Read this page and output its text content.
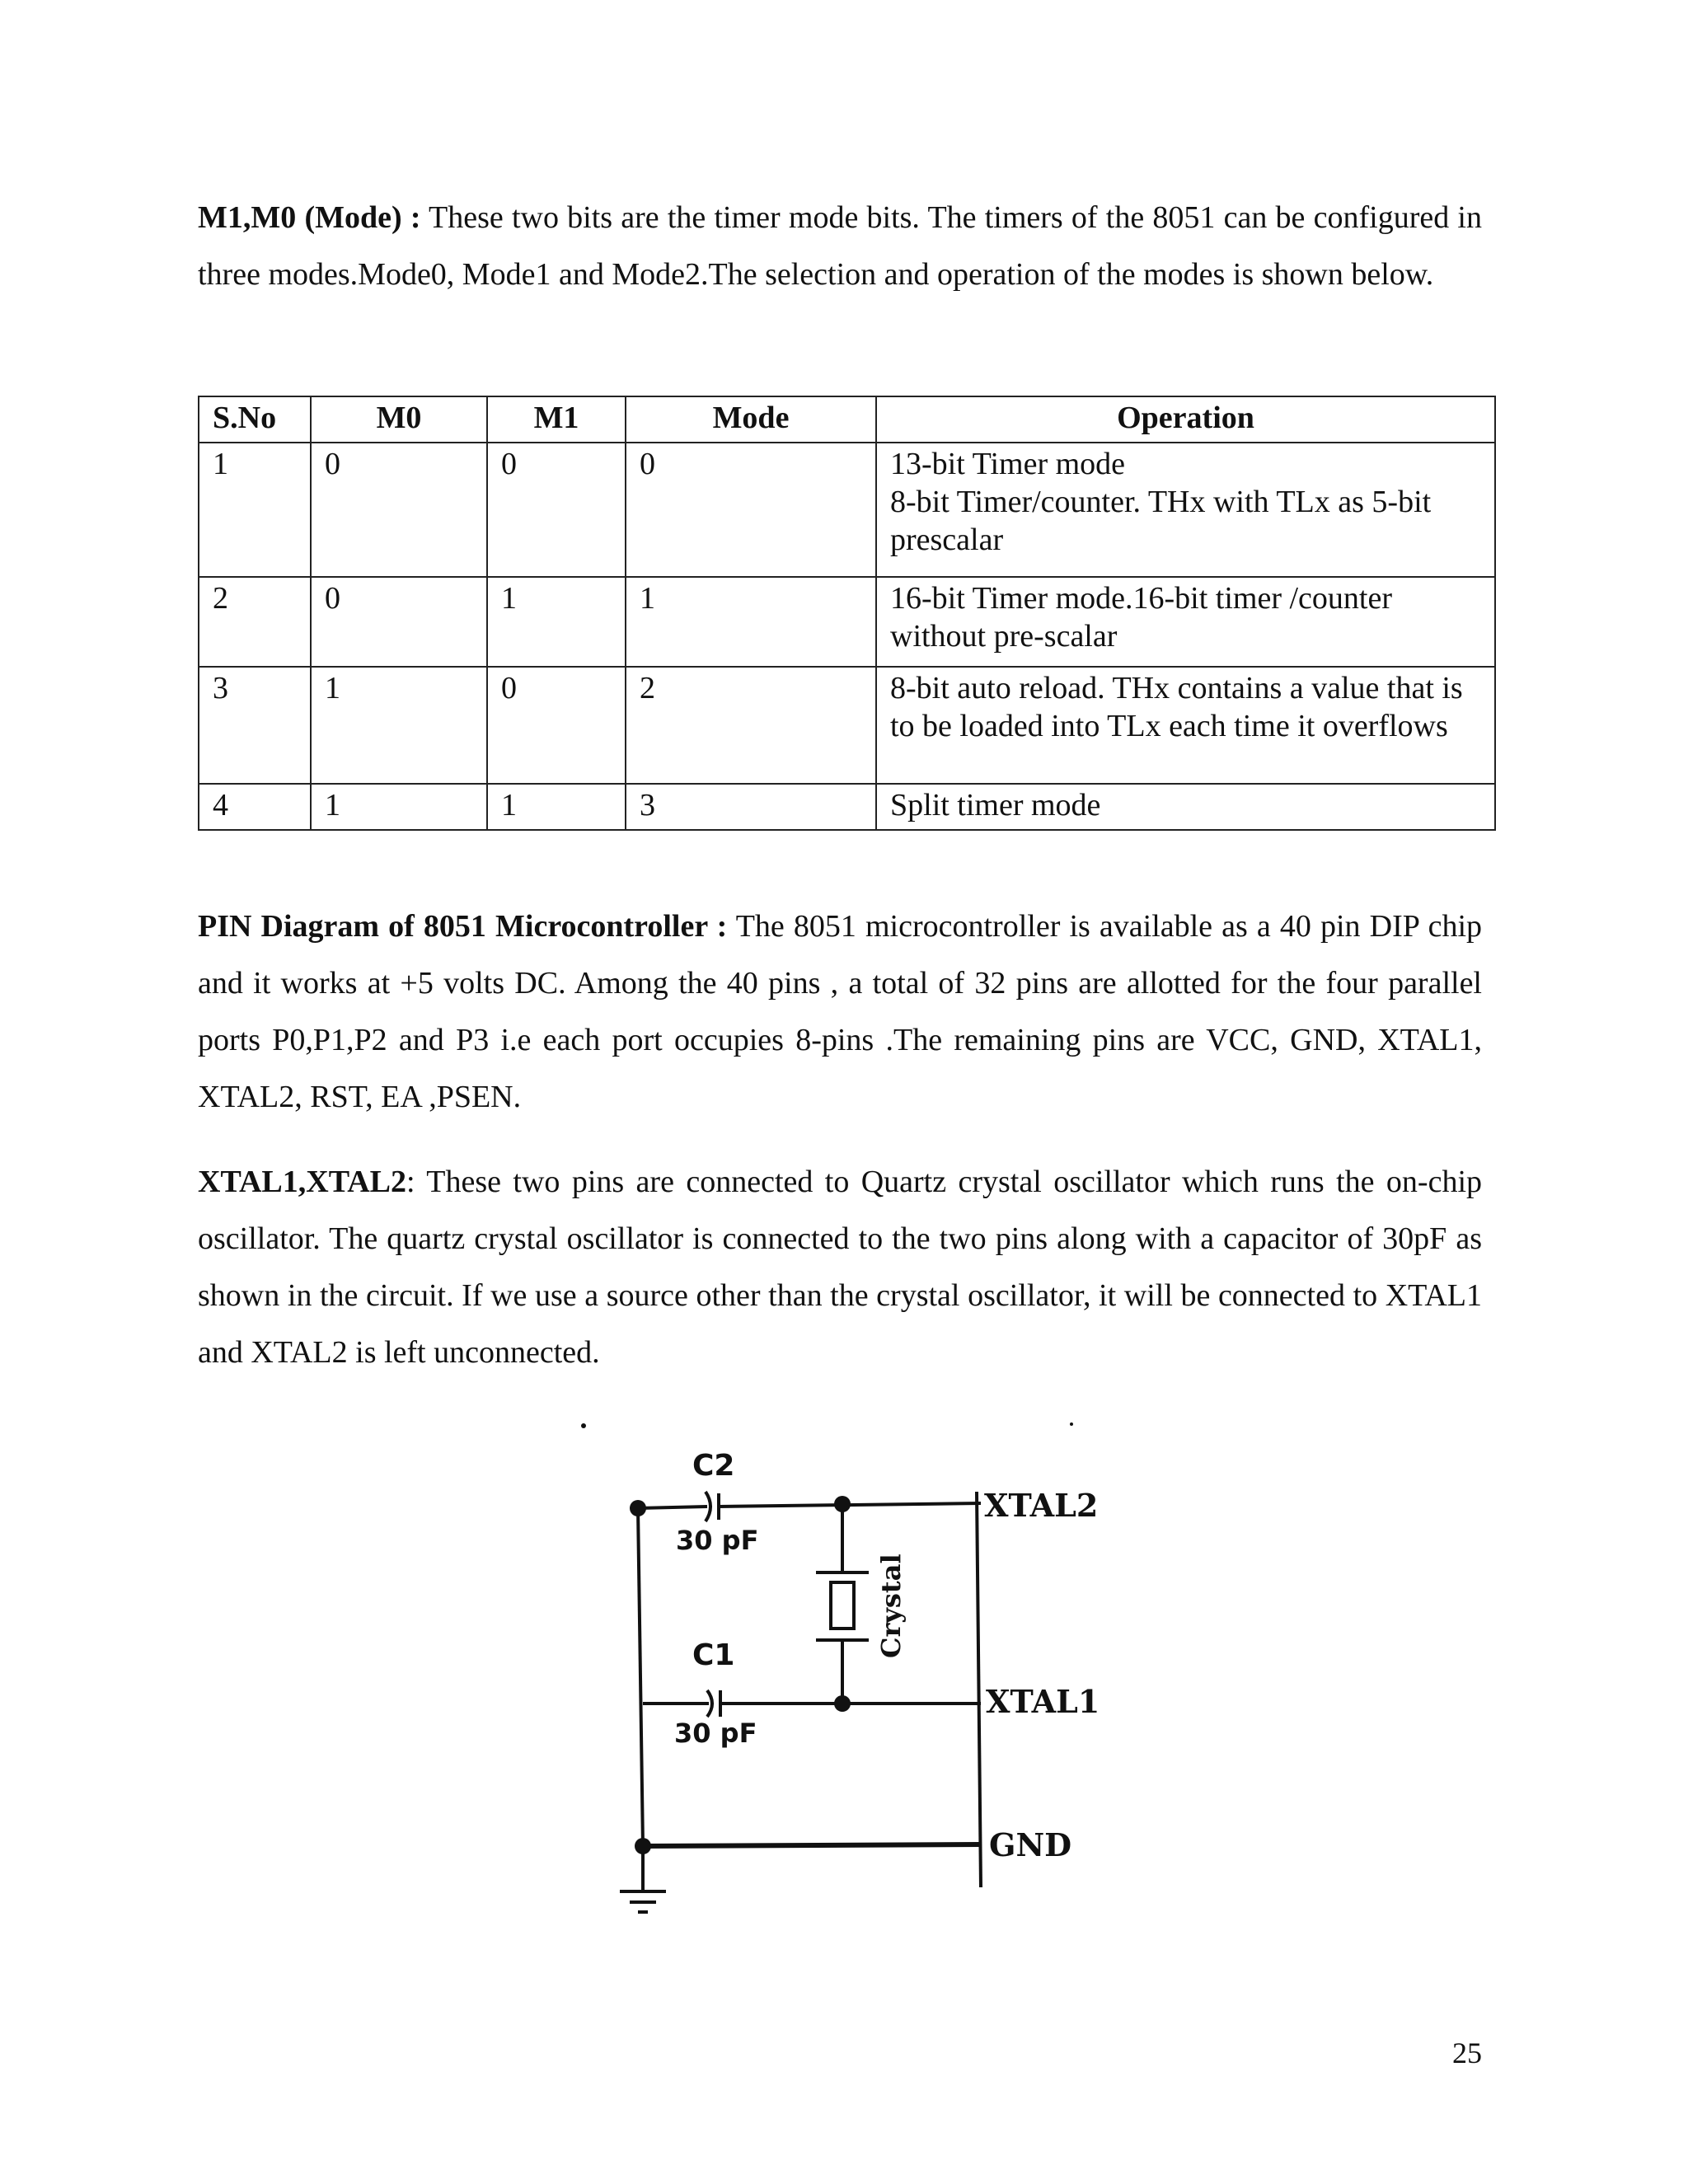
M1,M0 (Mode) : These two bits are the timer mode bits. The timers of the 8051 can be configured in three modes.Mode0, Mode1 and Mode2.The selection and operation of the modes is shown below.

S.No	M0	M1	Mode	Operation
1	0	0	0	13-bit Timer mode
8-bit Timer/counter. THx with TLx as 5-bit prescalar

2	0	1	1	16-bit Timer mode.16-bit timer /counter without pre-scalar

3	1	0	2	8-bit auto reload. THx contains a value that is to be loaded into TLx each time it overflows

4	1	1	3	Split timer mode

PIN Diagram of 8051 Microcontroller : The 8051 microcontroller is available as a 40 pin DIP chip and it works at +5 volts DC. Among the 40 pins , a total of 32 pins are allotted for the four parallel ports P0,P1,P2 and P3 i.e each port occupies 8-pins .The remaining pins are VCC, GND, XTAL1, XTAL2, RST, EA ,PSEN.

XTAL1,XTAL2: These two pins are connected to Quartz crystal oscillator which runs the on-chip oscillator. The quartz crystal oscillator is connected to the two pins along with a capacitor of 30pF as shown in the circuit. If we use a source other than the crystal oscillator, it will be connected to XTAL1 and XTAL2 is left unconnected.

C2
30 pF
C1
30 pF
Crystal
XTAL2
XTAL1
GND
25
